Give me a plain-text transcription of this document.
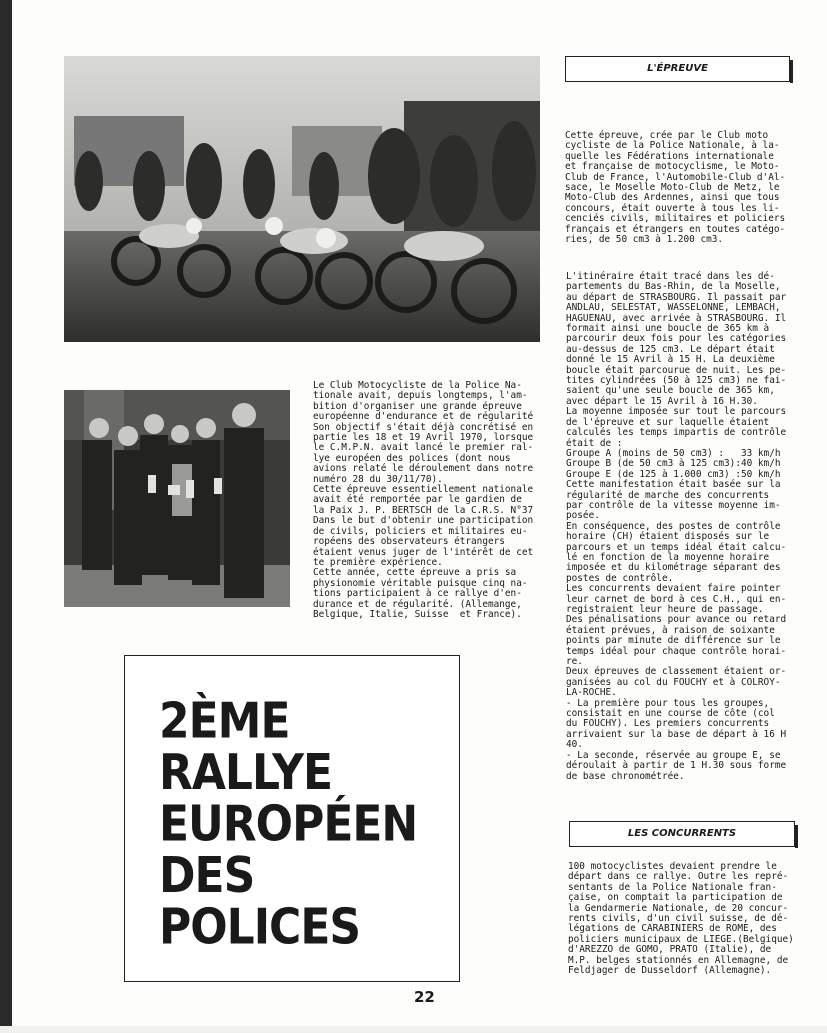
L'ÉPREUVE

Cette épreuve, crée par le Club moto
cycliste de la Police Nationale, à la-
quelle les Fédérations internationale
et française de motocyclisme, le Moto-
Club de France, l'Automobile-Club d'Al-
sace, le Moselle Moto-Club de Metz, le
Moto-Club des Ardennes, ainsi que tous
concours, était ouverte à tous les li-
cenciés civils, militaires et policiers
français et étrangers en toutes catégo-
ries, de 50 cm3 à 1.200 cm3.

L'itinéraire était tracé dans les dé-
partements du Bas-Rhin, de la Moselle,
au départ de STRASBOURG. Il passait par
ANDLAU, SELESTAT, WASSELONNE, LEMBACH,
HAGUENAU, avec arrivée à STRASBOURG. Il
formait ainsi une boucle de 365 km à
parcourir deux fois pour les catégories
au-dessus de 125 cm3. Le départ était
donné le 15 Avril à 15 H. La deuxième
boucle était parcourue de nuit. Les pe-
tites cylindrées (50 à 125 cm3) ne fai-
saient qu'une seule boucle de 365 km,
avec départ le 15 Avril à 16 H.30.
La moyenne imposée sur tout le parcours
de l'épreuve et sur laquelle étaient
calculés les temps impartis de contrôle
était de :
Groupe A (moins de 50 cm3) :   33 km/h
Groupe B (de 50 cm3 à 125 cm3):40 km/h
Groupe E (de 125 à 1.000 cm3) :50 km/h
Cette manifestation était basée sur la
régularité de marche des concurrents
par contrôle de la vitesse moyenne im-
posée.
En conséquence, des postes de contrôle
horaire (CH) étaient disposés sur le
parcours et un temps idéal était calcu-
lé en fonction de la moyenne horaire
imposée et du kilométrage séparant des
postes de contrôle.
Les concurrents devaient faire pointer
leur carnet de bord à ces C.H., qui en-
registraient leur heure de passage.
Des pénalisations pour avance ou retard
étaient prévues, à raison de soixante
points par minute de différence sur le
temps idéal pour chaque contrôle horai-
re.
Deux épreuves de classement étaient or-
ganisées au col du FOUCHY et à COLROY-
LA-ROCHE.
- La première pour tous les groupes,
consistait en une course de côte (col
du FOUCHY). Les premiers concurrents
arrivaient sur la base de départ à 16 H
40.
- La seconde, réservée au groupe E, se
déroulait à partir de 1 H.30 sous forme
de base chronométrée.

Le Club Motocycliste de la Police Na-
tionale avait, depuis longtemps, l'am-
bition d'organiser une grande épreuve
européenne d'endurance et de régularité
Son objectif s'était déjà concrétisé en
partie les 18 et 19 Avril 1970, lorsque
le C.M.P.N. avait lancé le premier ral-
lye européen des polices (dont nous
avions relaté le déroulement dans notre
numéro 28 du 30/11/70).
Cette épreuve essentiellement nationale
avait été remportée par le gardien de
la Paix J. P. BERTSCH de la C.R.S. N°37
Dans le but d'obtenir une participation
de civils, policiers et militaires eu-
ropéens des observateurs étrangers
étaient venus juger de l'intérêt de cet
te première expérience.
Cette année, cette épreuve a pris sa
physionomie véritable puisque cinq na-
tions participaient à ce rallye d'en-
durance et de régularité. (Allemange,
Belgique, Italie, Suisse  et France).

2ÈME
RALLYE
EUROPÉEN
DES
POLICES
LES CONCURRENTS

100 motocyclistes devaient prendre le
départ dans ce rallye. Outre les repré-
sentants de la Police Nationale fran-
çaise, on comptait la participation de
la Gendarmerie Nationale, de 20 concur-
rents civils, d'un civil suisse, de dé-
légations de CARABINIERS de ROME, des
policiers municipaux de LIEGE.(Belgique)
d'AREZZO de GOMO, PRATO (Italie), de
M.P. belges stationnés en Allemagne, de
Feldjager de Dusseldorf (Allemagne).

22
